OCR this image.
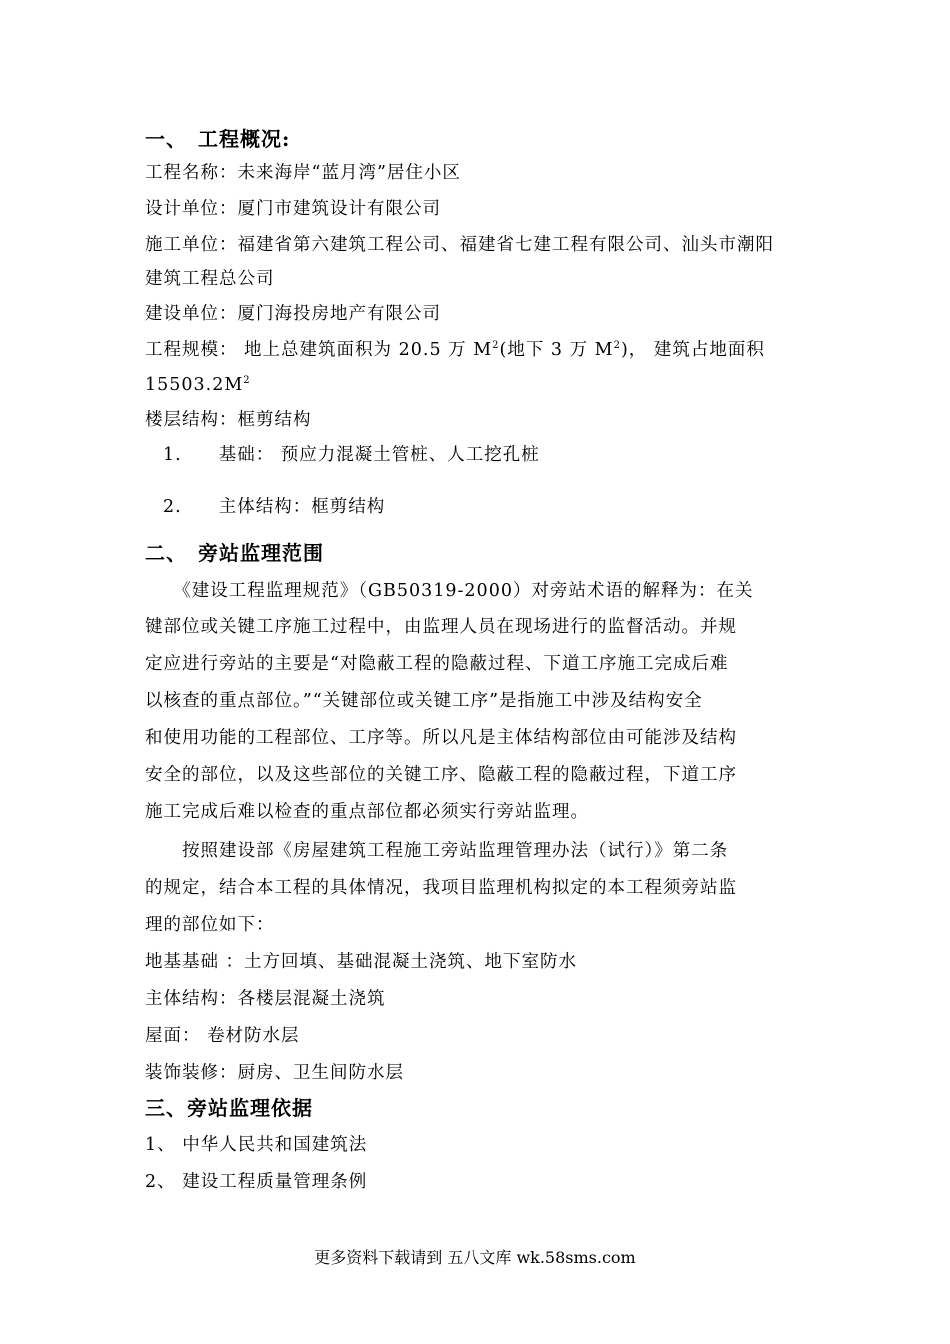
一、　工程概况:
工程名称：未来海岸“蓝月湾”居住小区
设计单位：厦门市建筑设计有限公司
施工单位：福建省第六建筑工程公司、福建省七建工程有限公司、汕头市潮阳
建筑工程总公司
建设单位：厦门海投房地产有限公司
工程规模： 地上总建筑面积为 20.5 万 $M^2$(地下 3 万 $M^2$)， 建筑占地面积
$15503.2M^2$
楼层结构：框剪结构
1.　　基础： 预应力混凝土管桩、人工挖孔桩
2.　　主体结构：框剪结构
二、　旁站监理范围
　　《建设工程监理规范》（GB50319-2000）对旁站术语的解释为：在关
键部位或关键工序施工过程中，由监理人员在现场进行的监督活动。并规
定应进行旁站的主要是“对隐蔽工程的隐蔽过程、下道工序施工完成后难
以核查的重点部位。”“关键部位或关键工序”是指施工中涉及结构安全
和使用功能的工程部位、工序等。所以凡是主体结构部位由可能涉及结构
安全的部位，以及这些部位的关键工序、隐蔽工程的隐蔽过程，下道工序
施工完成后难以检查的重点部位都必须实行旁站监理。
　　按照建设部《房屋建筑工程施工旁站监理管理办法（试行）》第二条
的规定，结合本工程的具体情况，我项目监理机构拟定的本工程须旁站监
理的部位如下：
地基基础 ：土方回填、基础混凝土浇筑、地下室防水
主体结构：各楼层混凝土浇筑
屋面： 卷材防水层
装饰装修：厨房、卫生间防水层
三、旁站监理依据
1、 中华人民共和国建筑法
2、 建设工程质量管理条例
更多资料下载请到 五八文库 wk.58sms.com
